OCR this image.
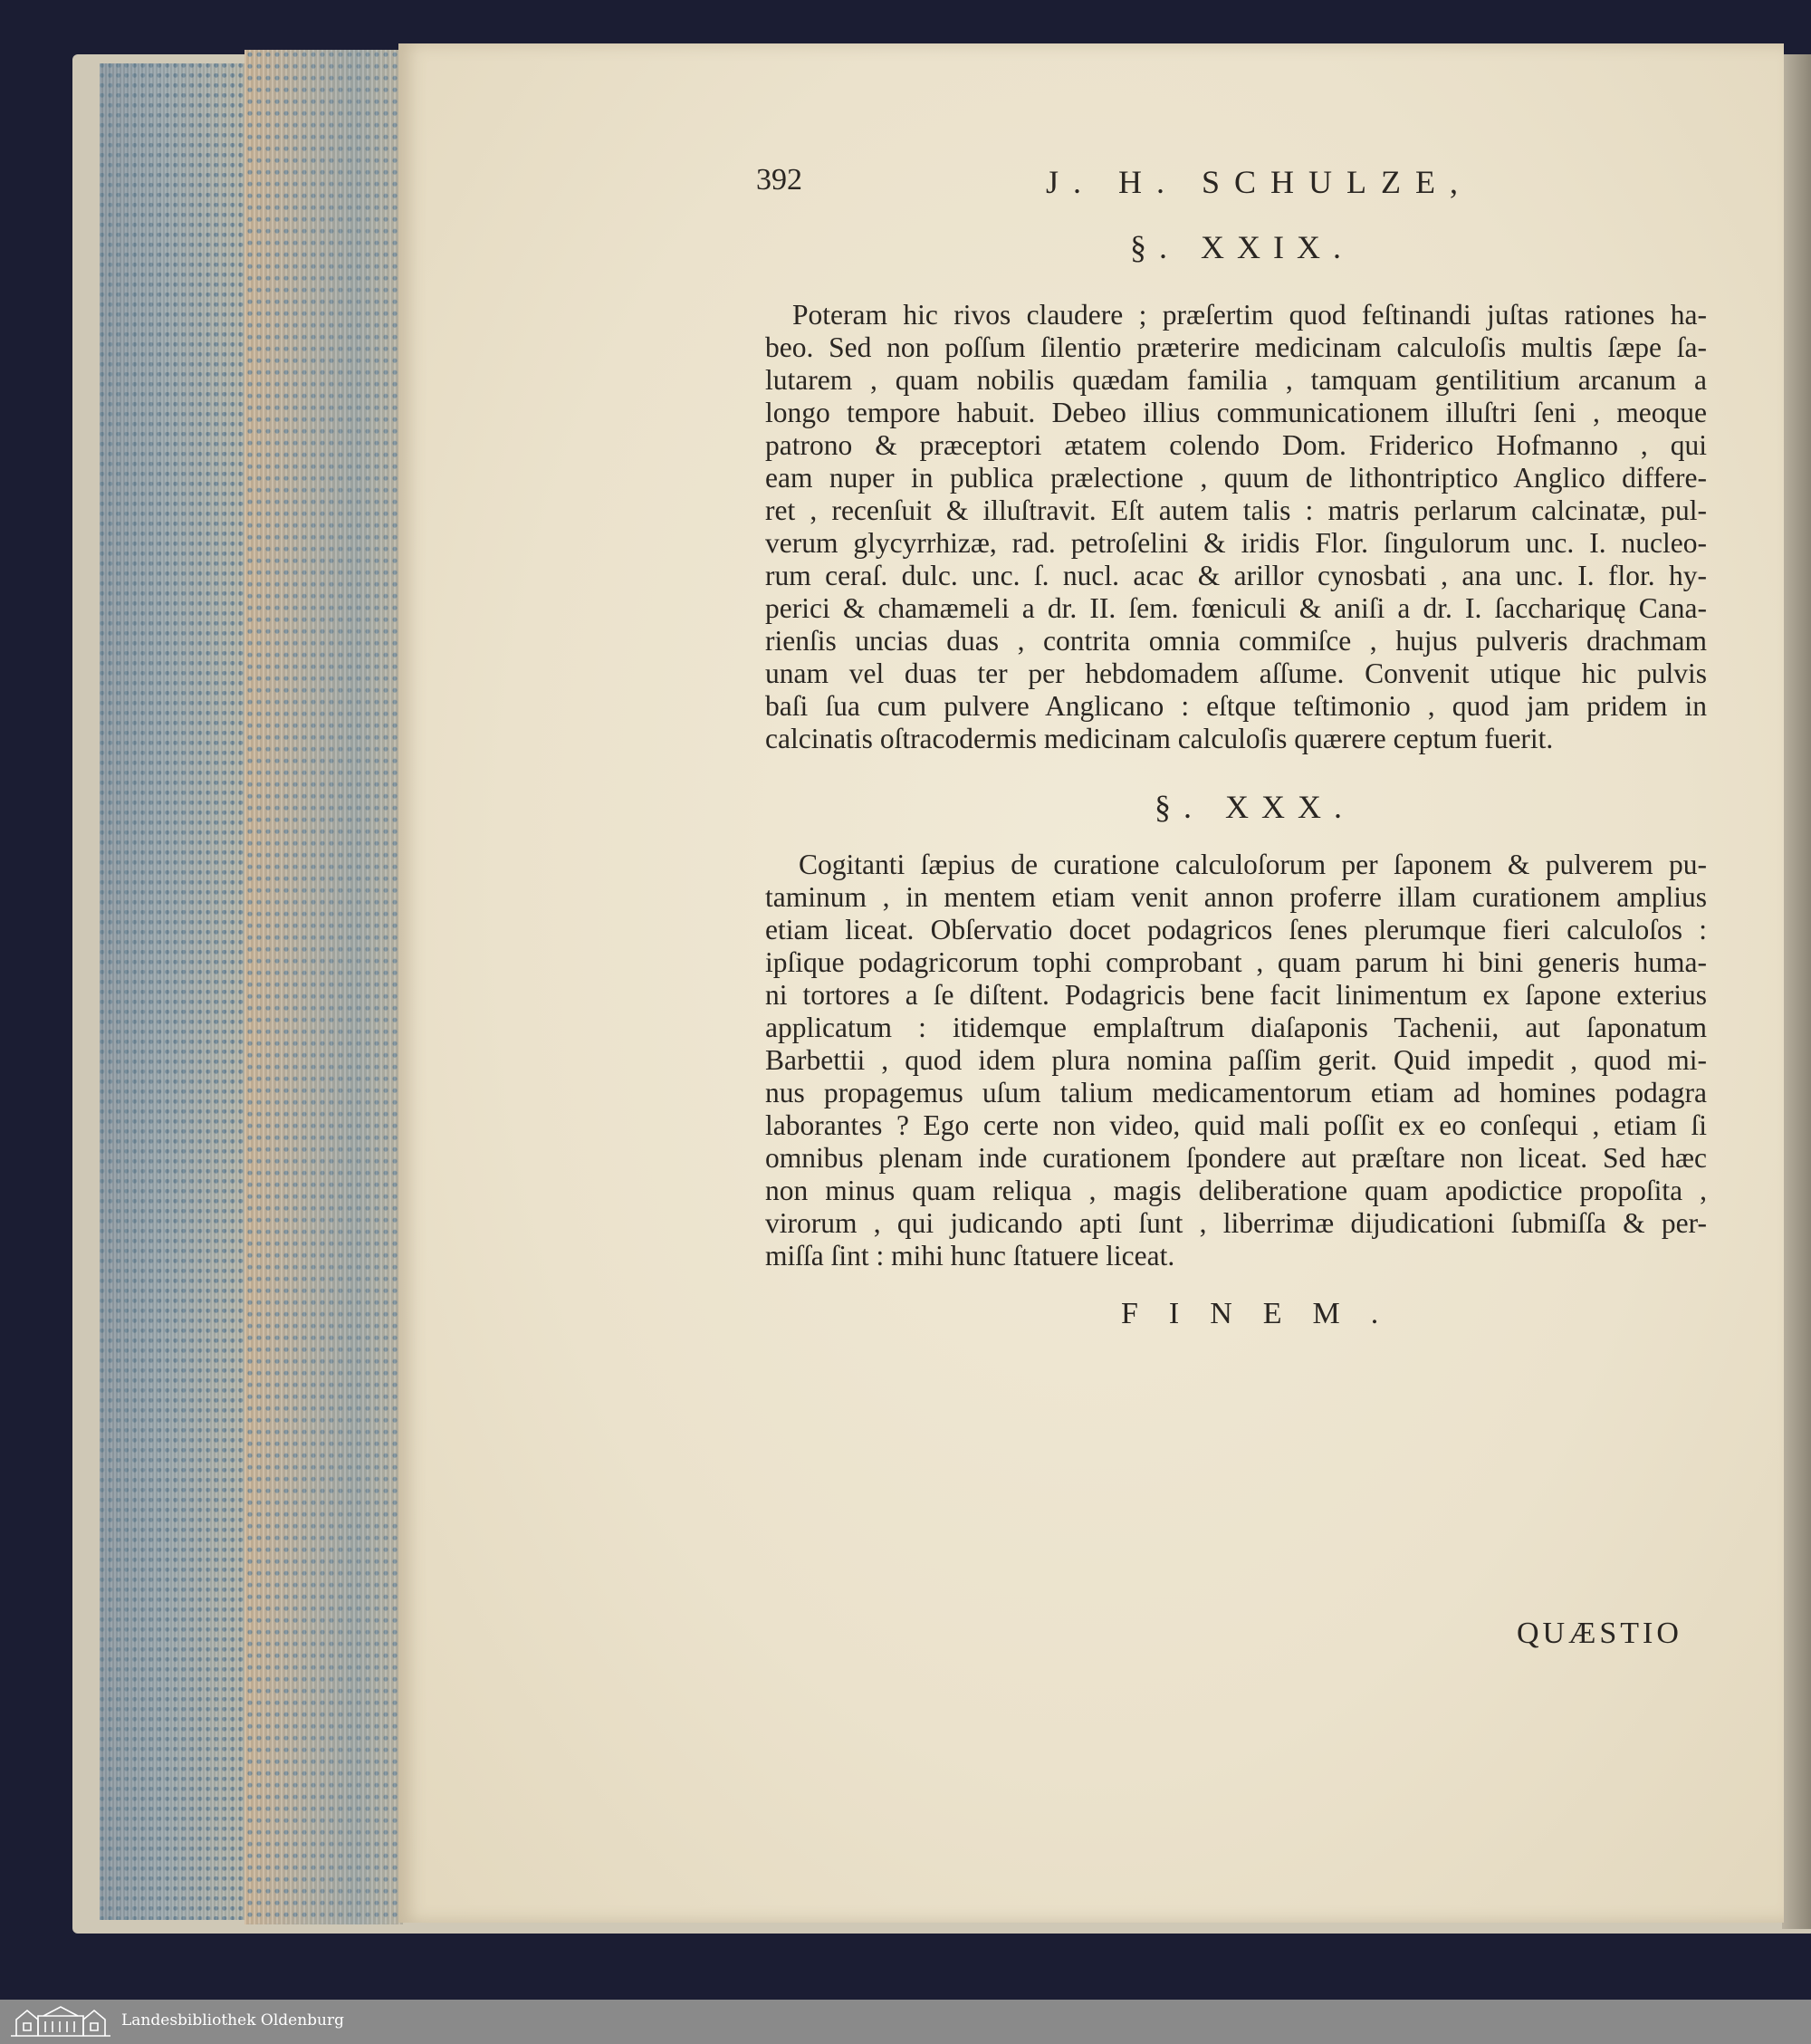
392	J. H. SCHULZE,
§. XXIX.
Poteram hic rivos claudere ; præſertim quod feſtinandi juſtas rationes ha-
beo. Sed non poſſum ſilentio præterire medicinam calculoſis multis ſæpe ſa-
lutarem , quam nobilis quædam familia , tamquam gentilitium arcanum a
longo tempore habuit. Debeo illius communicationem illuſtri ſeni , meoque
patrono & præceptori ætatem colendo Dom. Friderico Hofmanno , qui
eam nuper in publica prælectione , quum de lithontriptico Anglico differe-
ret , recenſuit & illuſtravit. Eſt autem talis : matris perlarum calcinatæ, pul-
verum glycyrrhizæ, rad. petroſelini & iridis Flor. ſingulorum unc. I. nucleo-
rum ceraſ. dulc. unc. ſ. nucl. acac & arillor cynosbati , ana unc. I. flor. hy-
perici & chamæmeli a dr. II. ſem. fœniculi & aniſi a dr. I. ſacchariquę Cana-
rienſis uncias duas , contrita omnia commiſce , hujus pulveris drachmam
unam vel duas ter per hebdomadem aſſume. Convenit utique hic pulvis
baſi ſua cum pulvere Anglicano : eſtque teſtimonio , quod jam pridem in
calcinatis oſtracodermis medicinam calculoſis quærere ceptum fuerit.
§. XXX.
Cogitanti ſæpius de curatione calculoſorum per ſaponem & pulverem pu-
taminum , in mentem etiam venit annon proferre illam curationem amplius
etiam liceat. Obſervatio docet podagricos ſenes plerumque fieri calculoſos :
ipſique podagricorum tophi comprobant , quam parum hi bini generis huma-
ni tortores a ſe diſtent. Podagricis bene facit linimentum ex ſapone exterius
applicatum : itidemque emplaſtrum diaſaponis Tachenii, aut ſaponatum
Barbettii , quod idem plura nomina paſſim gerit. Quid impedit , quod mi-
nus propagemus uſum talium medicamentorum etiam ad homines podagra
laborantes ? Ego certe non video, quid mali poſſit ex eo conſequi , etiam ſi
omnibus plenam inde curationem ſpondere aut præſtare non liceat. Sed hæc
non minus quam reliqua , magis deliberatione quam apodictice propoſita ,
virorum , qui judicando apti ſunt , liberrimæ dijudicationi ſubmiſſa & per-
miſſa ſint : mihi hunc ſtatuere liceat.
FINEM.
QUÆSTIO
Landesbibliothek Oldenburg
